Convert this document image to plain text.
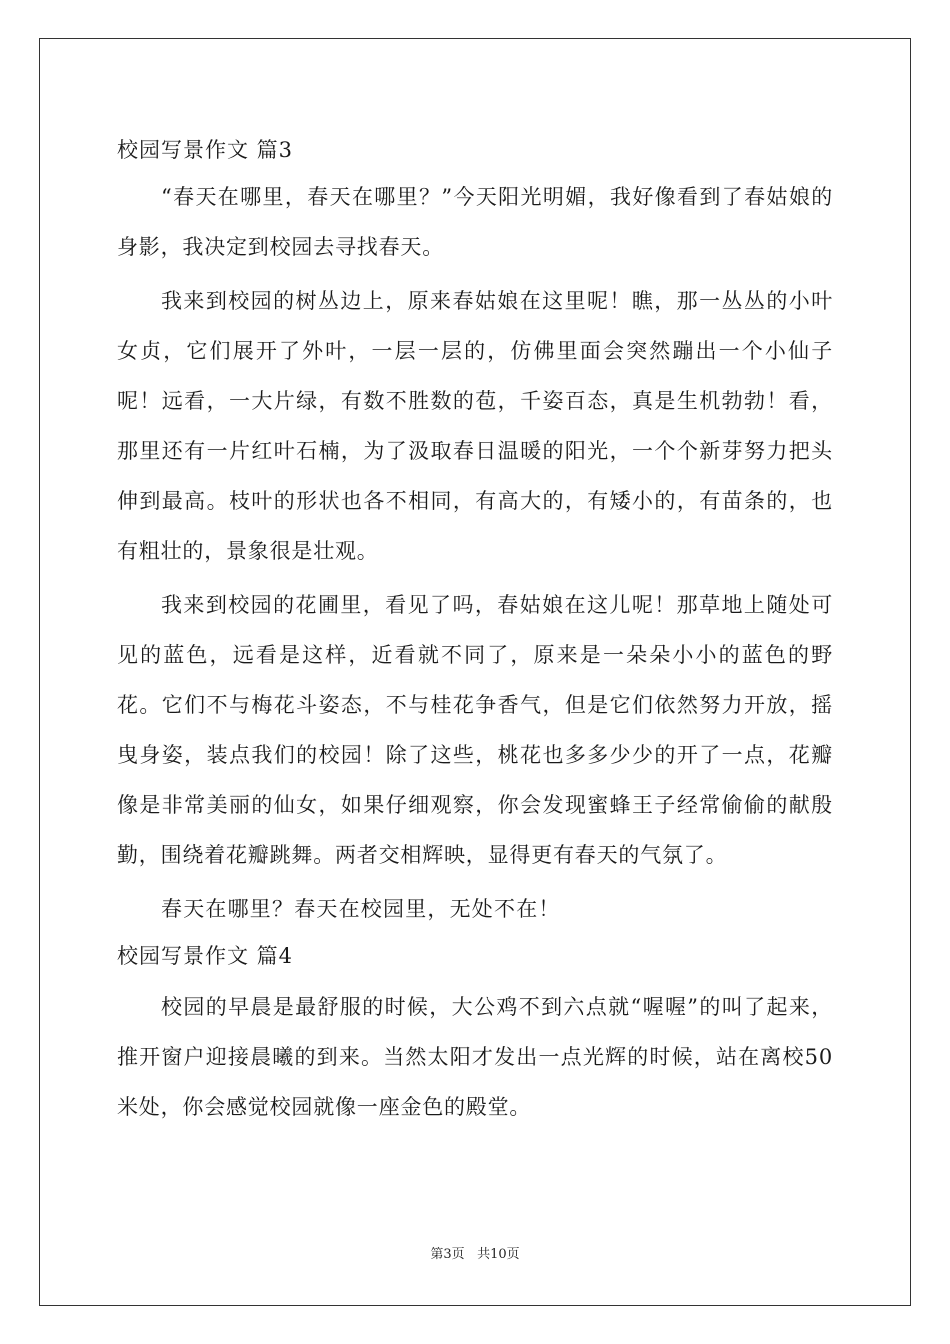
校园写景作文 篇3

“春天在哪里，春天在哪里？”今天阳光明媚，我好像看到了春姑娘的身影，我决定到校园去寻找春天。

我来到校园的树丛边上，原来春姑娘在这里呢！瞧，那一丛丛的小叶女贞，它们展开了外叶，一层一层的，仿佛里面会突然蹦出一个小仙子呢！远看，一大片绿，有数不胜数的苞，千姿百态，真是生机勃勃！看，那里还有一片红叶石楠，为了汲取春日温暖的阳光，一个个新芽努力把头伸到最高。枝叶的形状也各不相同，有高大的，有矮小的，有苗条的，也有粗壮的，景象很是壮观。

我来到校园的花圃里，看见了吗，春姑娘在这儿呢！那草地上随处可见的蓝色，远看是这样，近看就不同了，原来是一朵朵小小的蓝色的野花。它们不与梅花斗姿态，不与桂花争香气，但是它们依然努力开放，摇曳身姿，装点我们的校园！除了这些，桃花也多多少少的开了一点，花瓣像是非常美丽的仙女，如果仔细观察，你会发现蜜蜂王子经常偷偷的献殷勤，围绕着花瓣跳舞。两者交相辉映，显得更有春天的气氛了。

春天在哪里？春天在校园里，无处不在！

校园写景作文 篇4

校园的早晨是最舒服的时候，大公鸡不到六点就“喔喔”的叫了起来，推开窗户迎接晨曦的到来。当然太阳才发出一点光辉的时候，站在离校50米处，你会感觉校园就像一座金色的殿堂。

第3页 共10页
